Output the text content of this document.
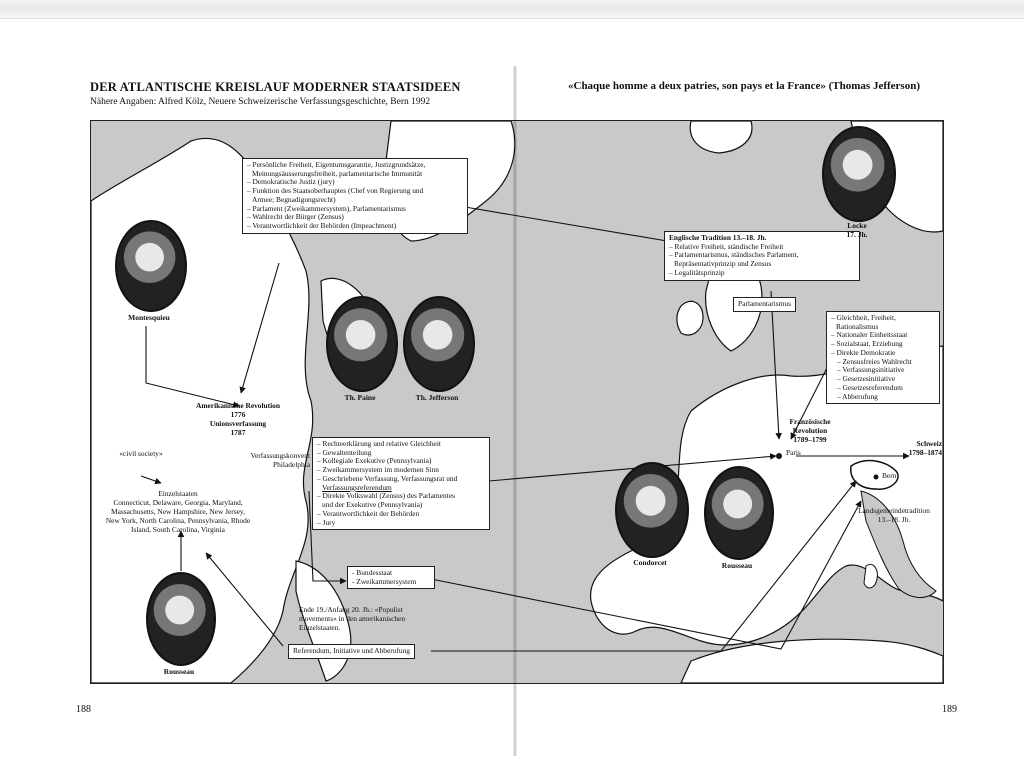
DER ATLANTISCHE KREISLAUF MODERNER STAATSIDEEN
Nähere Angaben: Alfred Kölz, Neuere Schweizerische Verfassungsgeschichte, Bern 1992
«Chaque homme a deux patries, son pays et la France» (Thomas Jefferson)
– Persönliche Freiheit, Eigentumsgarantie, Justizgrundsätze,
Meinungsäusserungsfreiheit, parlamentarische Immunität
– Demokratische Justiz (jury)
– Funktion des Staatsoberhauptes (Chef von Regierung und
Armee; Begnadigungsrecht)
– Parlament (Zweikammersystem), Parlamentarismus
– Wahlrecht der Bürger (Zensus)
– Verantwortlichkeit der Behörden (Impeachment)
Englische Tradition 13.–18. Jh.
– Relative Freiheit, ständische Freiheit
– Parlamentarismus, ständisches Parlament,
Repräsentativprinzip und Zensus
– Legalitätsprinzip
Parlamentarismus
– Gleichheit, Freiheit,
Rationalismus
– Nationaler Einheitsstaat
– Sozialstaat, Erziehung
– Direkte Demokratie
– Zensusfreies Wahlrecht
– Verfassungsinitiative
– Gesetzesinitiative
– Gesetzesreferendum
– Abberufung
– Rechteerklärung und relative Gleichheit
– Gewaltenteilung
– Kollegiale Exekutive (Pennsylvania)
– Zweikammersystem im modernen Sinn
– Geschriebene Verfassung, Verfassungsrat und
Verfassungsreferendum
– Direkte Volkswahl (Zensus) des Parlamentes
und der Exekutive (Pennsylvania)
– Verantwortlichkeit der Behörden
– Jury
- Bundesstaat
- Zweikammersystem
Referendum, Initiative und Abberufung
Montesquieu
Th. Paine	Th. Jefferson
Locke
17. Jh.
Condorcet	Rousseau
Rousseau
Amerikanische Revolution
1776
Unionsverfassung
1787
«civil society»	Verfassungskonvent
Philadelphia
Einzelstaaten
Connecticut, Delaware, Georgia, Maryland, Massachusetts, New Hampshire, New Jersey, New York, North Carolina, Pennsylvania, Rhode Island, South Carolina, Virginia
Ende 19./Anfang 20. Jh.: «Populist movements» in den amerikanischen Einzelstaaten.
Französische Revolution
1789–1799
Paris
Schweiz
1798–1874
Bern
Landsgemeindetradition
13.–18. Jh.
188	189
